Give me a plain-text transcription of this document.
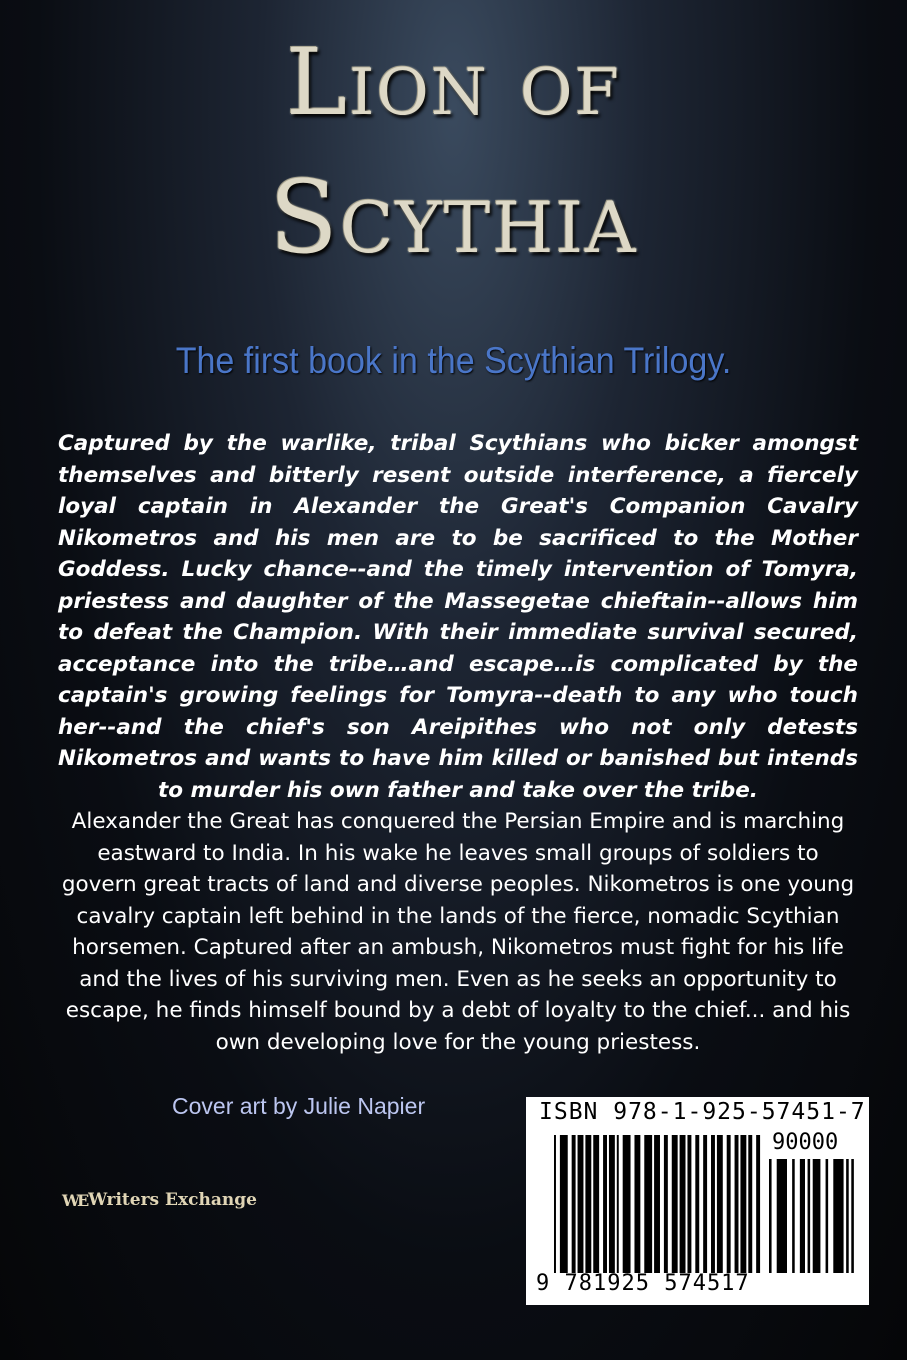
Lion of
Scythia
The first book in the Scythian Trilogy.
Captured by the warlike, tribal Scythians who bicker amongst themselves and bitterly resent outside interference, a fiercely loyal captain in Alexander the Great's Companion Cavalry Nikometros and his men are to be sacrificed to the Mother Goddess. Lucky chance--and the timely intervention of Tomyra, priestess and daughter of the Massegetae chieftain--allows him to defeat the Champion. With their immediate survival secured, acceptance into the tribe…and escape…is complicated by the captain's growing feelings for Tomyra--death to any who touch her--and the chief's son Areipithes who not only detests Nikometros and wants to have him killed or banished but intends to murder his own father and take over the tribe.
Alexander the Great has conquered the Persian Empire and is marching eastward to India. In his wake he leaves small groups of soldiers to govern great tracts of land and diverse peoples. Nikometros is one young cavalry captain left behind in the lands of the fierce, nomadic Scythian horsemen. Captured after an ambush, Nikometros must fight for his life and the lives of his surviving men. Even as he seeks an opportunity to escape, he finds himself bound by a debt of loyalty to the chief... and his own developing love for the young priestess.
Cover art by Julie Napier
WE Writers Exchange
ISBN 978-1-925-57451-7
90000
9 781925 574517
